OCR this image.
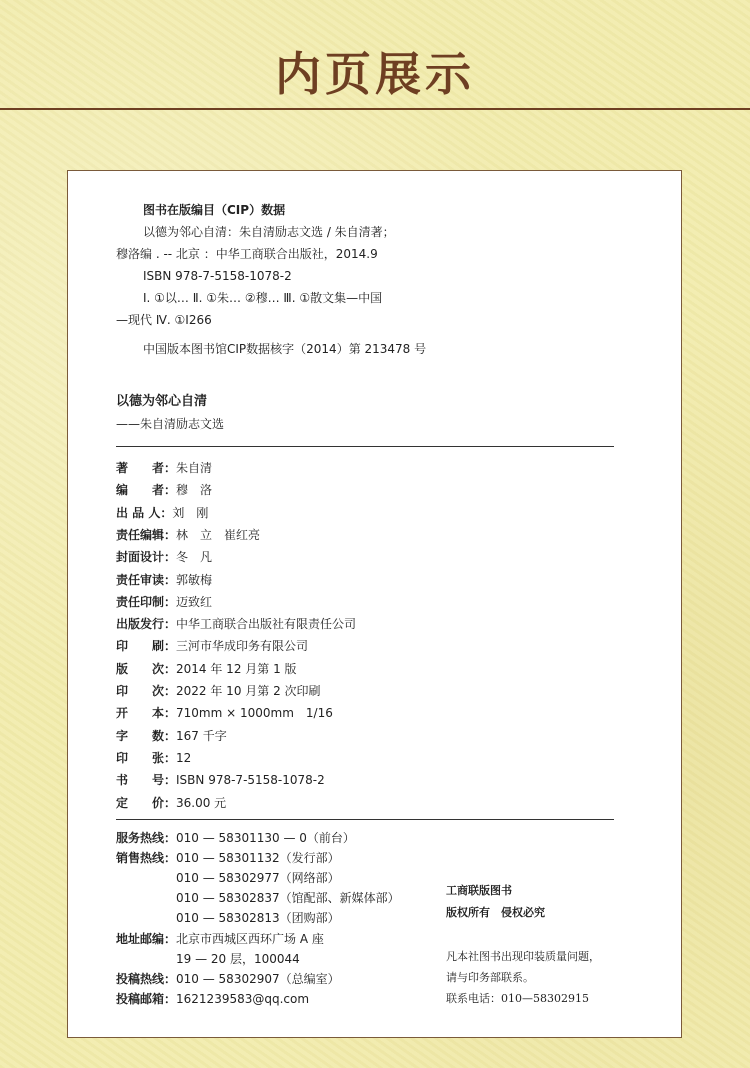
内页展示
图书在版编目（CIP）数据
以德为邻心自清：朱自清励志文选 / 朱自清著；
穆洛编 . -- 北京 ：中华工商联合出版社，2014.9
ISBN 978-7-5158-1078-2
Ⅰ. ①以… Ⅱ. ①朱… ②穆… Ⅲ. ①散文集—中国
—现代 Ⅳ. ①I266
中国版本图书馆CIP数据核字（2014）第 213478 号
以德为邻心自清
——朱自清励志文选
著　　者：朱自清
编　　者：穆　洛
出 品 人：刘　刚
责任编辑：林　立　崔红亮
封面设计：冬　凡
责任审读：郭敏梅
责任印制：迈致红
出版发行：中华工商联合出版社有限责任公司
印　　刷：三河市华成印务有限公司
版　　次：2014 年 12 月第 1 版
印　　次：2022 年 10 月第 2 次印刷
开　　本：710mm × 1000mm　1/16
字　　数：167 千字
印　　张：12
书　　号：ISBN 978-7-5158-1078-2
定　　价：36.00 元
服务热线：010 — 58301130 — 0（前台）
销售热线：010 — 58301132（发行部）
010 — 58302977（网络部）
010 — 58302837（馆配部、新媒体部）
010 — 58302813（团购部）
地址邮编：北京市西城区西环广场 A 座
19 — 20 层，100044
投稿热线：010 — 58302907（总编室）
投稿邮箱：1621239583@qq.com
工商联版图书
版权所有　侵权必究
凡本社图书出现印装质量问题，
请与印务部联系。
联系电话：010—58302915
